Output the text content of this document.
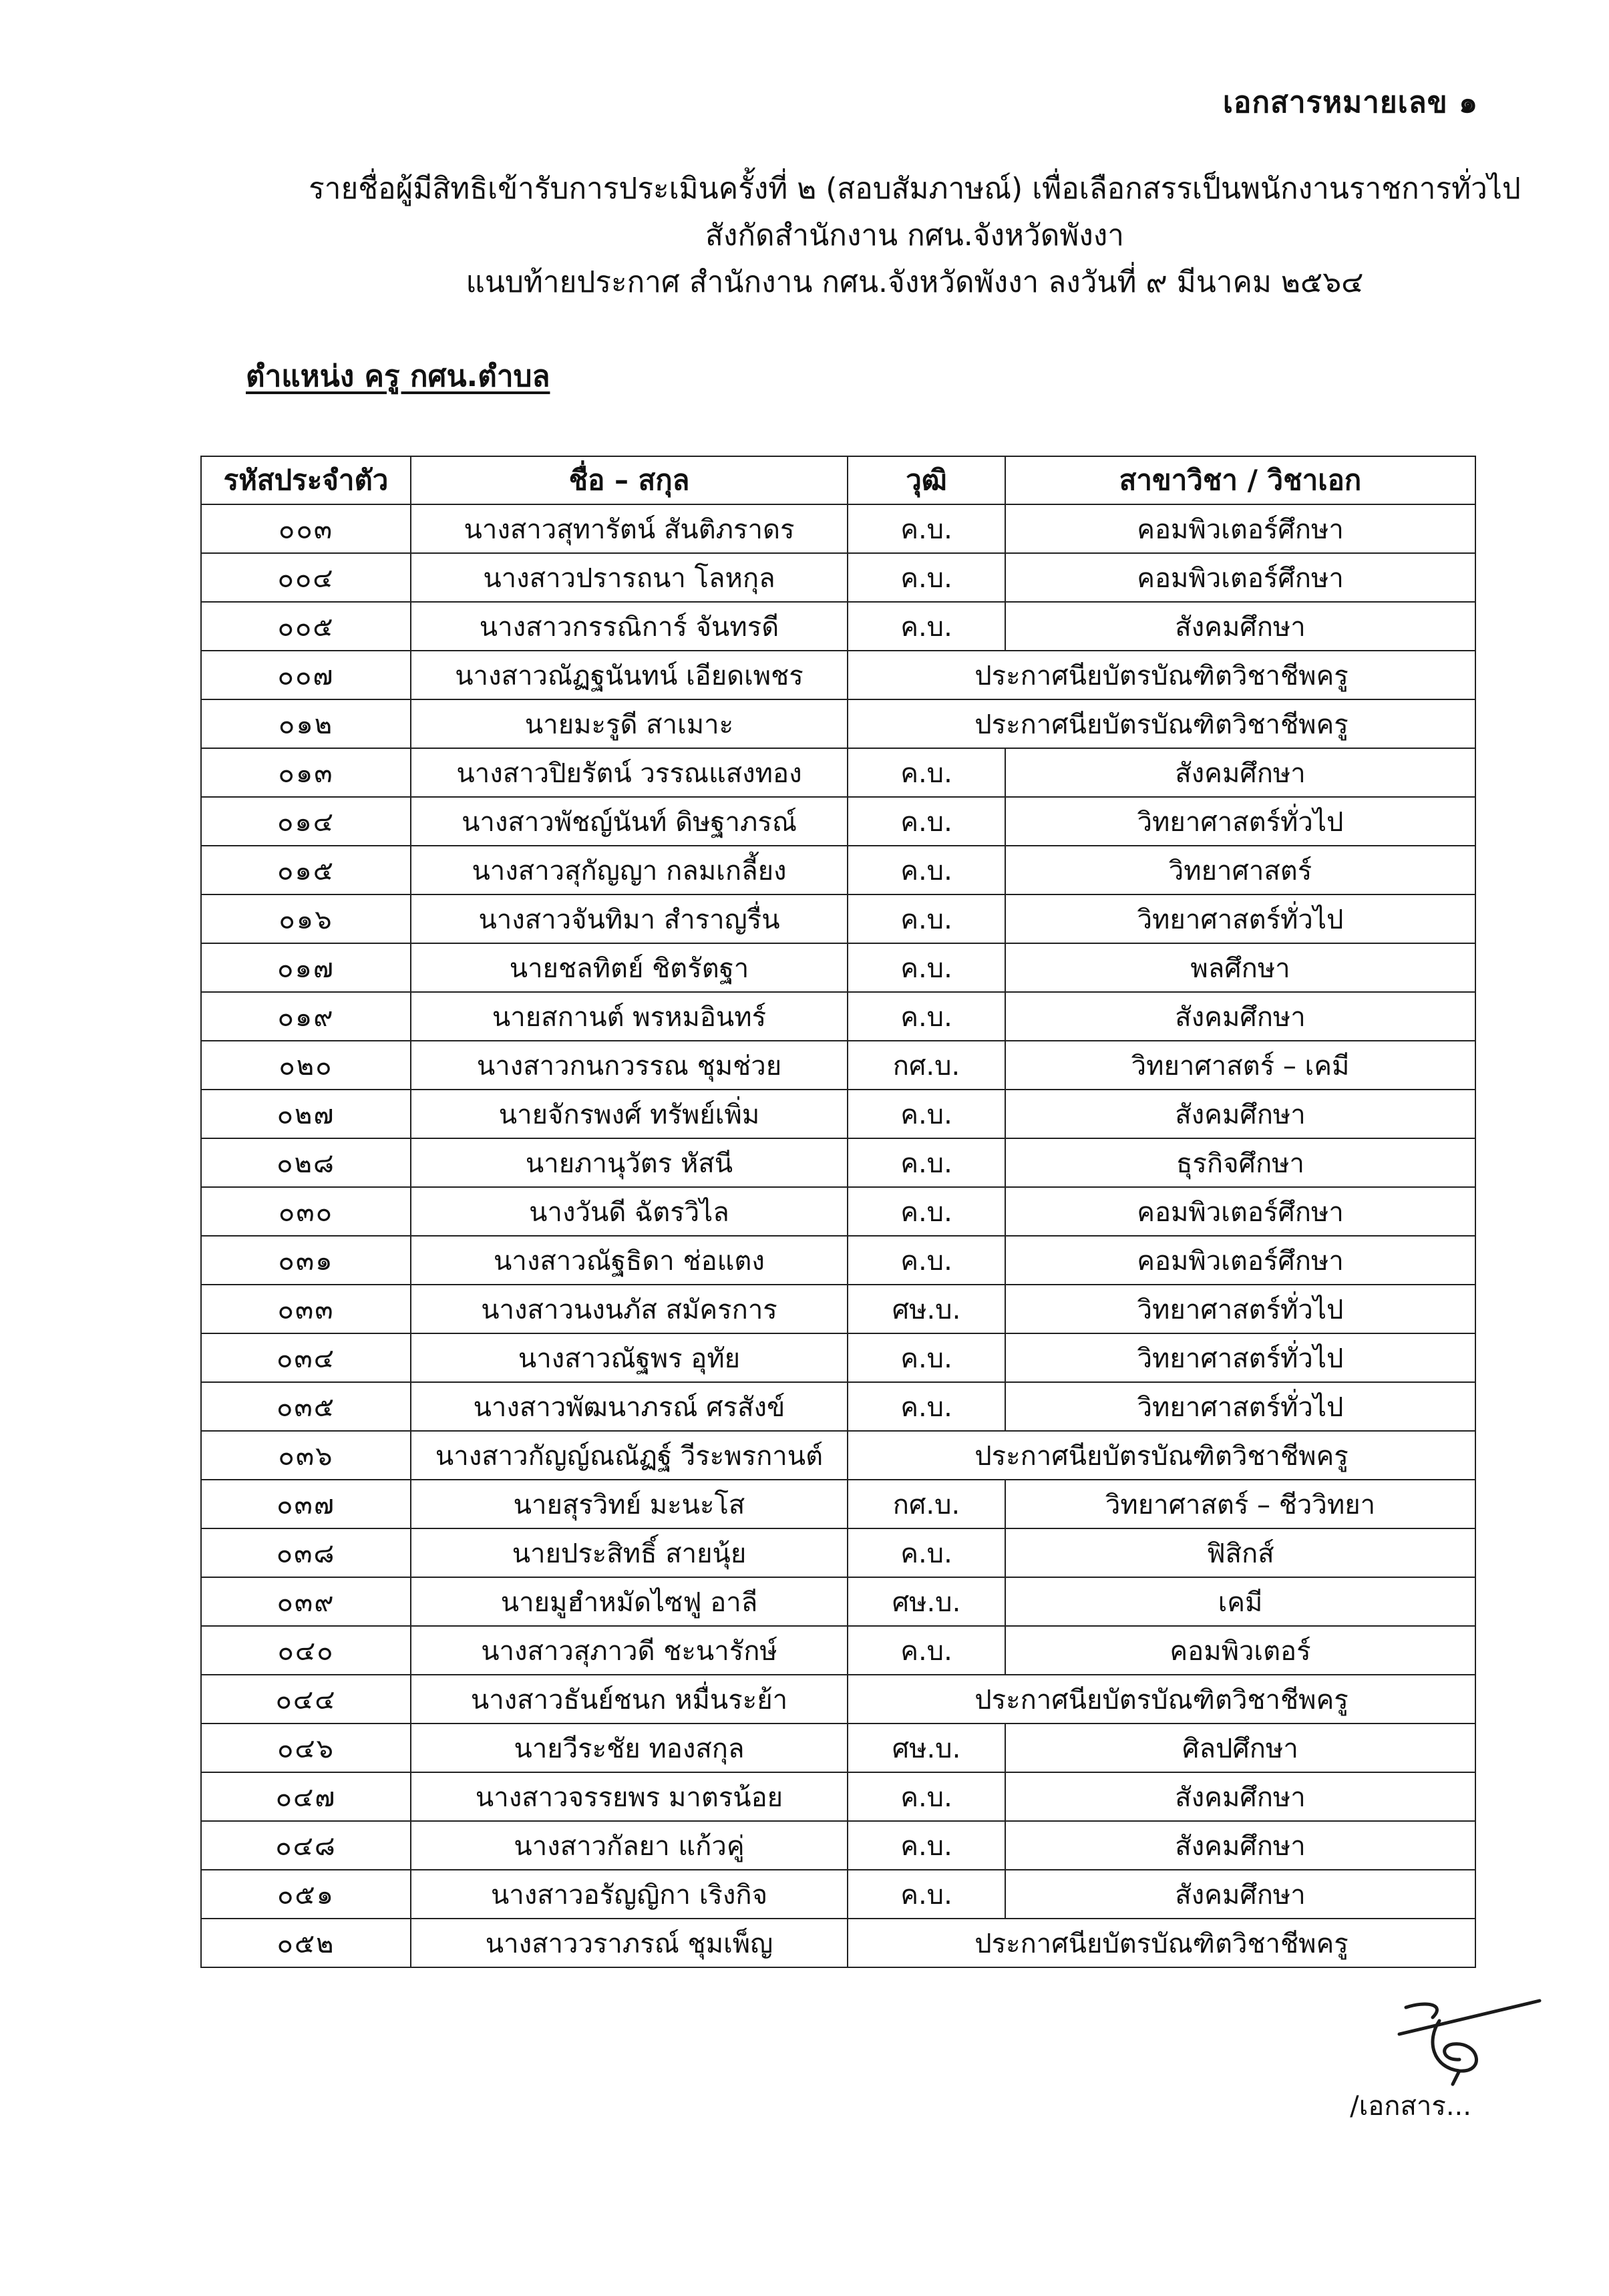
เอกสารหมายเลข ๑
รายชื่อผู้มีสิทธิเข้ารับการประเมินครั้งที่ ๒ (สอบสัมภาษณ์) เพื่อเลือกสรรเป็นพนักงานราชการทั่วไป
สังกัดสำนักงาน กศน.จังหวัดพังงา
แนบท้ายประกาศ สำนักงาน กศน.จังหวัดพังงา ลงวันที่ ๙ มีนาคม ๒๕๖๔
ตำแหน่ง ครู กศน.ตำบล
รหัสประจำตัว	ชื่อ – สกุล	วุฒิ	สาขาวิชา / วิชาเอก
๐๐๓	นางสาวสุทารัตน์ สันติภราดร	ค.บ.	คอมพิวเตอร์ศึกษา
๐๐๔	นางสาวปรารถนา โลหกุล	ค.บ.	คอมพิวเตอร์ศึกษา
๐๐๕	นางสาวกรรณิการ์ จันทรดี	ค.บ.	สังคมศึกษา
๐๐๗	นางสาวณัฏฐนันทน์ เอียดเพชร	ประกาศนียบัตรบัณฑิตวิชาชีพครู	
๐๑๒	นายมะรูดี สาเมาะ	ประกาศนียบัตรบัณฑิตวิชาชีพครู	
๐๑๓	นางสาวปิยรัตน์ วรรณแสงทอง	ค.บ.	สังคมศึกษา
๐๑๔	นางสาวพัชญ์นันท์ ดิษฐาภรณ์	ค.บ.	วิทยาศาสตร์ทั่วไป
๐๑๕	นางสาวสุกัญญา กลมเกลี้ยง	ค.บ.	วิทยาศาสตร์
๐๑๖	นางสาวจันทิมา สำราญรื่น	ค.บ.	วิทยาศาสตร์ทั่วไป
๐๑๗	นายชลทิตย์ ชิตรัตฐา	ค.บ.	พลศึกษา
๐๑๙	นายสกานต์ พรหมอินทร์	ค.บ.	สังคมศึกษา
๐๒๐	นางสาวกนกวรรณ ชุมช่วย	กศ.บ.	วิทยาศาสตร์ – เคมี
๐๒๗	นายจักรพงศ์ ทรัพย์เพิ่ม	ค.บ.	สังคมศึกษา
๐๒๘	นายภานุวัตร หัสนี	ค.บ.	ธุรกิจศึกษา
๐๓๐	นางวันดี ฉัตรวิไล	ค.บ.	คอมพิวเตอร์ศึกษา
๐๓๑	นางสาวณัฐธิดา ช่อแตง	ค.บ.	คอมพิวเตอร์ศึกษา
๐๓๓	นางสาวนงนภัส สมัครการ	ศษ.บ.	วิทยาศาสตร์ทั่วไป
๐๓๔	นางสาวณัฐพร อุทัย	ค.บ.	วิทยาศาสตร์ทั่วไป
๐๓๕	นางสาวพัฒนาภรณ์ ศรสังข์	ค.บ.	วิทยาศาสตร์ทั่วไป
๐๓๖	นางสาวกัญญ์ณณัฏฐ์ วีระพรกานต์	ประกาศนียบัตรบัณฑิตวิชาชีพครู	
๐๓๗	นายสุรวิทย์ มะนะโส	กศ.บ.	วิทยาศาสตร์ – ชีววิทยา
๐๓๘	นายประสิทธิ์ สายนุ้ย	ค.บ.	ฟิสิกส์
๐๓๙	นายมูฮำหมัดไซฟู อาลี	ศษ.บ.	เคมี
๐๔๐	นางสาวสุภาวดี ชะนารักษ์	ค.บ.	คอมพิวเตอร์
๐๔๔	นางสาวธันย์ชนก หมื่นระย้า	ประกาศนียบัตรบัณฑิตวิชาชีพครู	
๐๔๖	นายวีระชัย ทองสกุล	ศษ.บ.	ศิลปศึกษา
๐๔๗	นางสาวจรรยพร มาตรน้อย	ค.บ.	สังคมศึกษา
๐๔๘	นางสาวกัลยา แก้วคู่	ค.บ.	สังคมศึกษา
๐๕๑	นางสาวอรัญญิกา เริงกิจ	ค.บ.	สังคมศึกษา
๐๕๒	นางสาววราภรณ์ ชุมเพ็ญ	ประกาศนียบัตรบัณฑิตวิชาชีพครู	
/เอกสาร...
